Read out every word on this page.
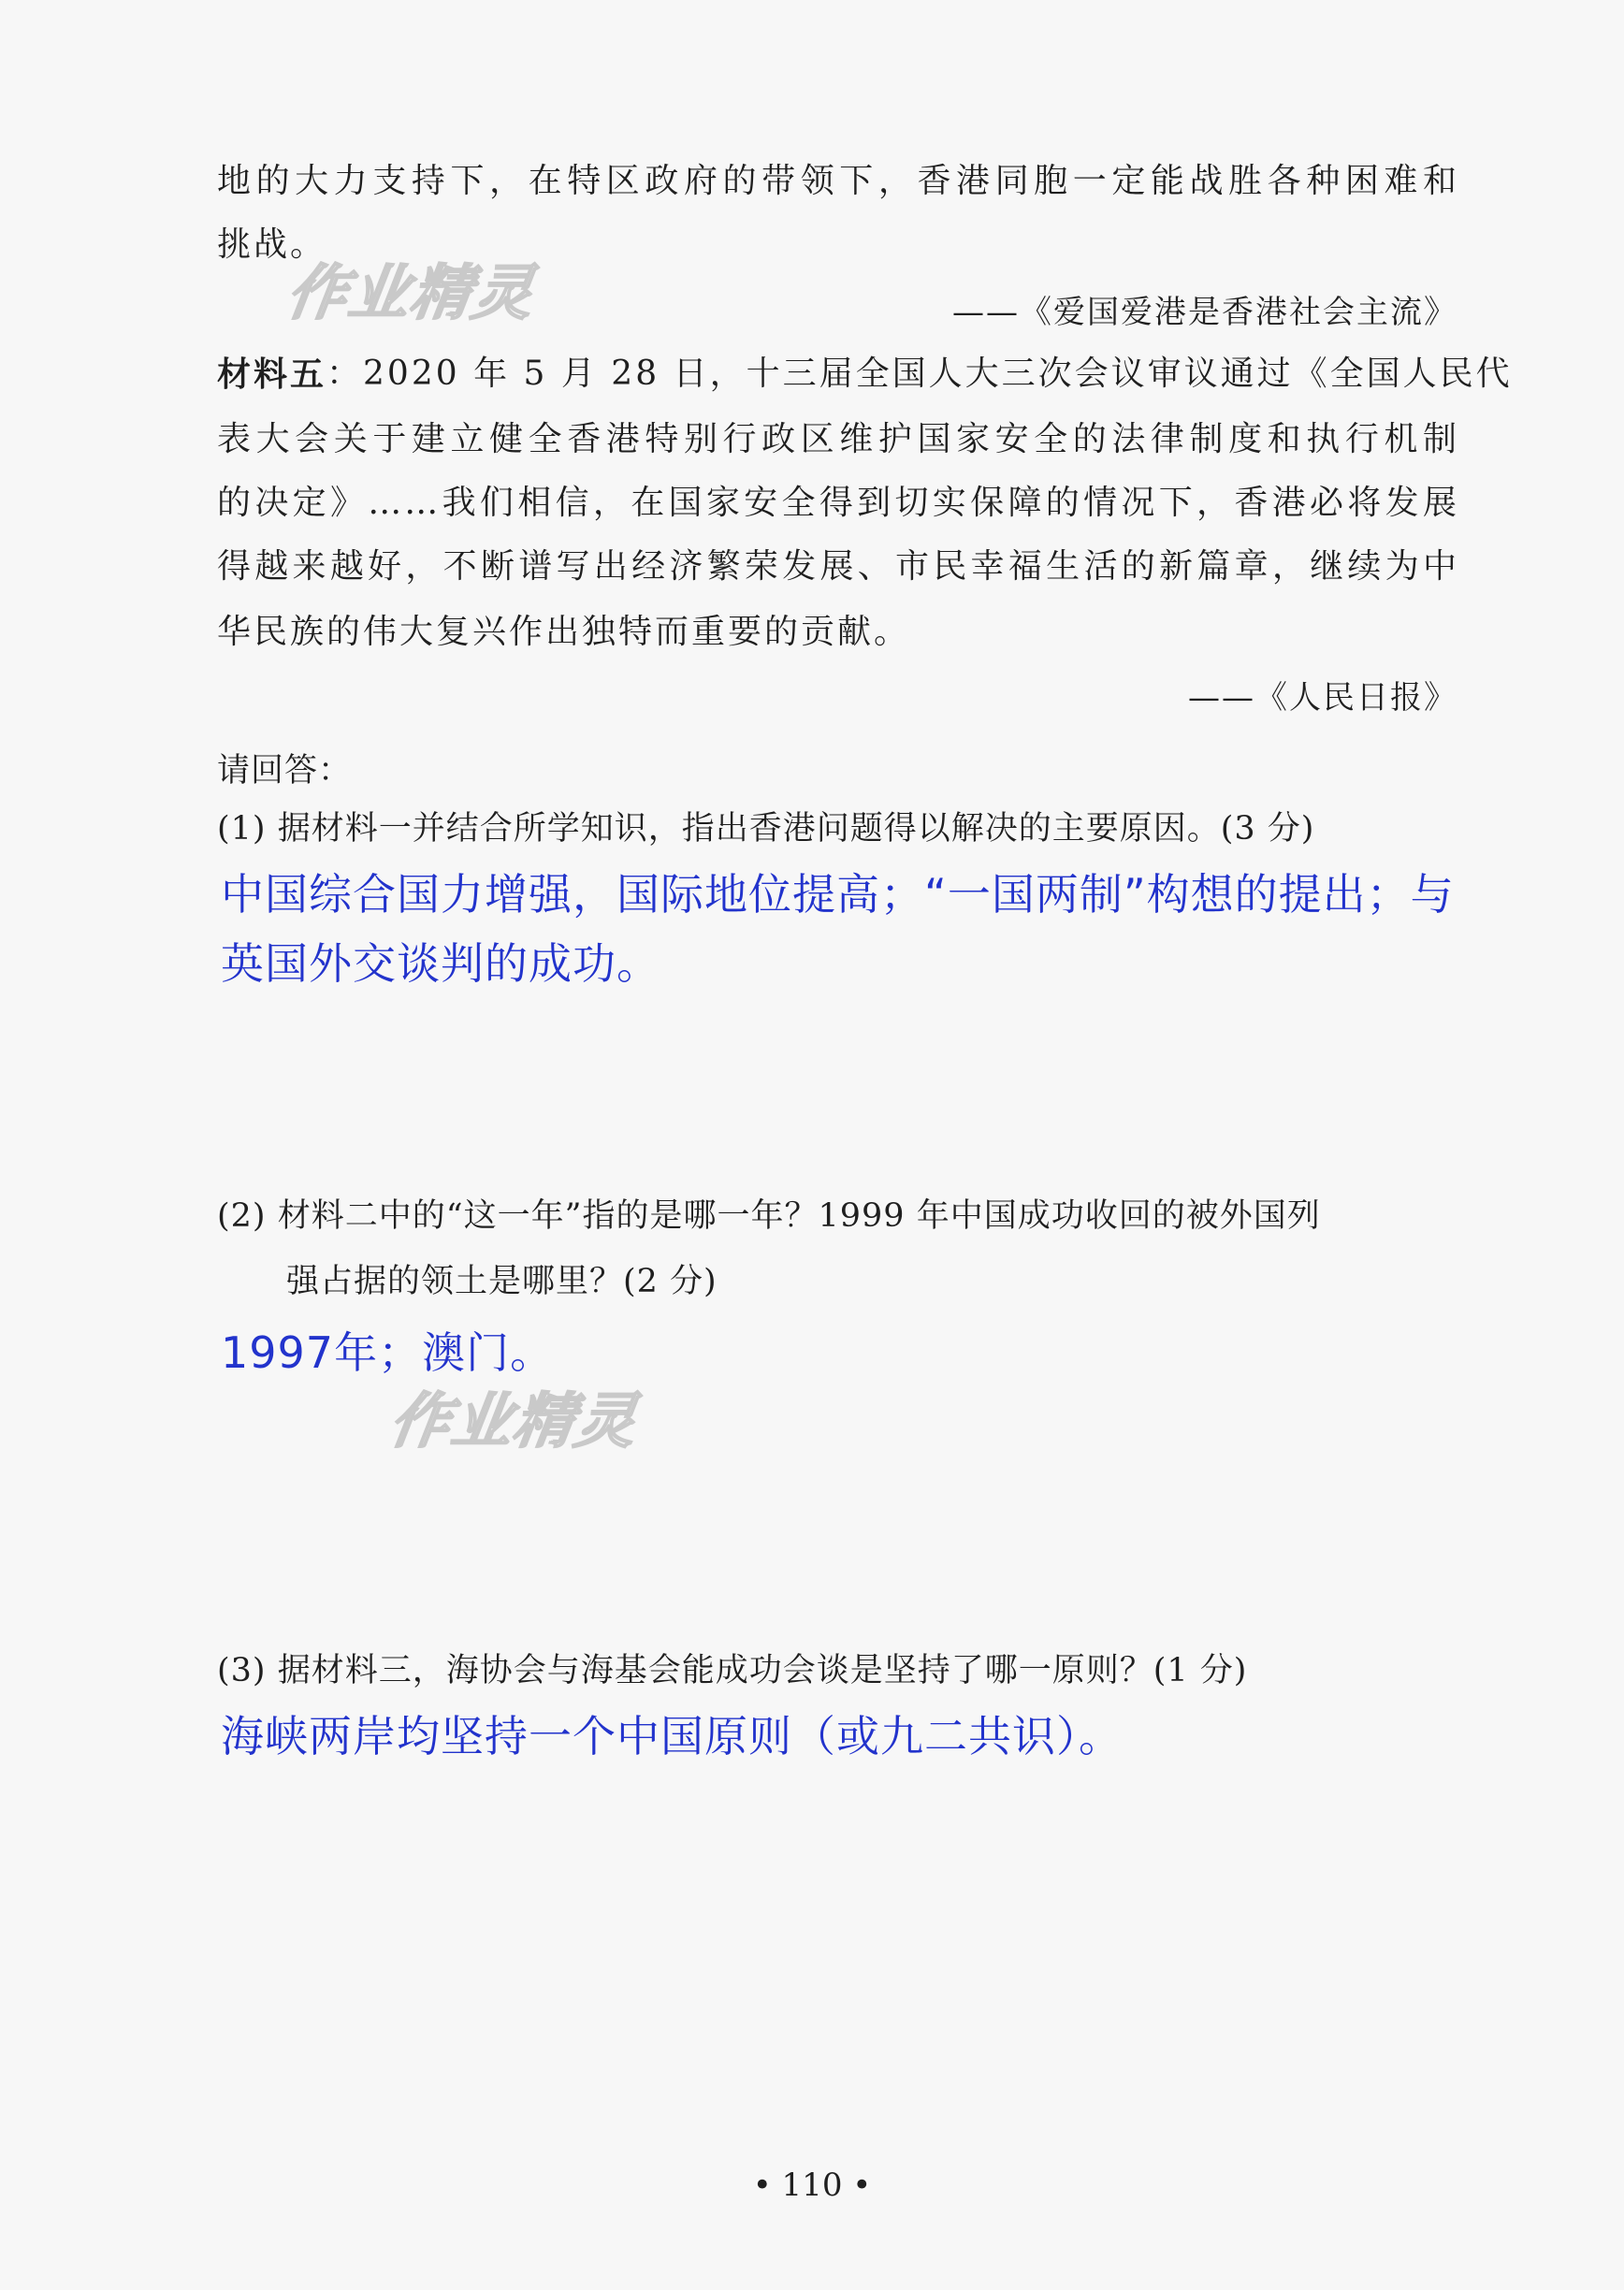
地的大力支持下，在特区政府的带领下，香港同胞一定能战胜各种困难和
挑战。
作业精灵	——《爱国爱港是香港社会主流》
材料五 ：2020 年 5 月 28 日，十三届全国人大三次会议审议通过《全国人民代
表大会关于建立健全香港特别行政区维护国家安全的法律制度和执行机制
的决定》……我们相信，在国家安全得到切实保障的情况下，香港必将发展
得越来越好，不断谱写出经济繁荣发展、市民幸福生活的新篇章，继续为中
华民族的伟大复兴作出独特而重要的贡献。
——《人民日报》
请回答：
(1) 据材料一并结合所学知识，指出香港问题得以解决的主要原因。(3 分)
中国综合国力增强，国际地位提高；“一国两制”构想的提出；与
英国外交谈判的成功。
(2) 材料二中的“这一年”指的是哪一年？1999 年中国成功收回的被外国列
强占据的领土是哪里？(2 分)
1997年；澳门。
作业精灵
(3) 据材料三，海协会与海基会能成功会谈是坚持了哪一原则？(1 分)
海峡两岸均坚持一个中国原则（或九二共识）。
• 110 •
